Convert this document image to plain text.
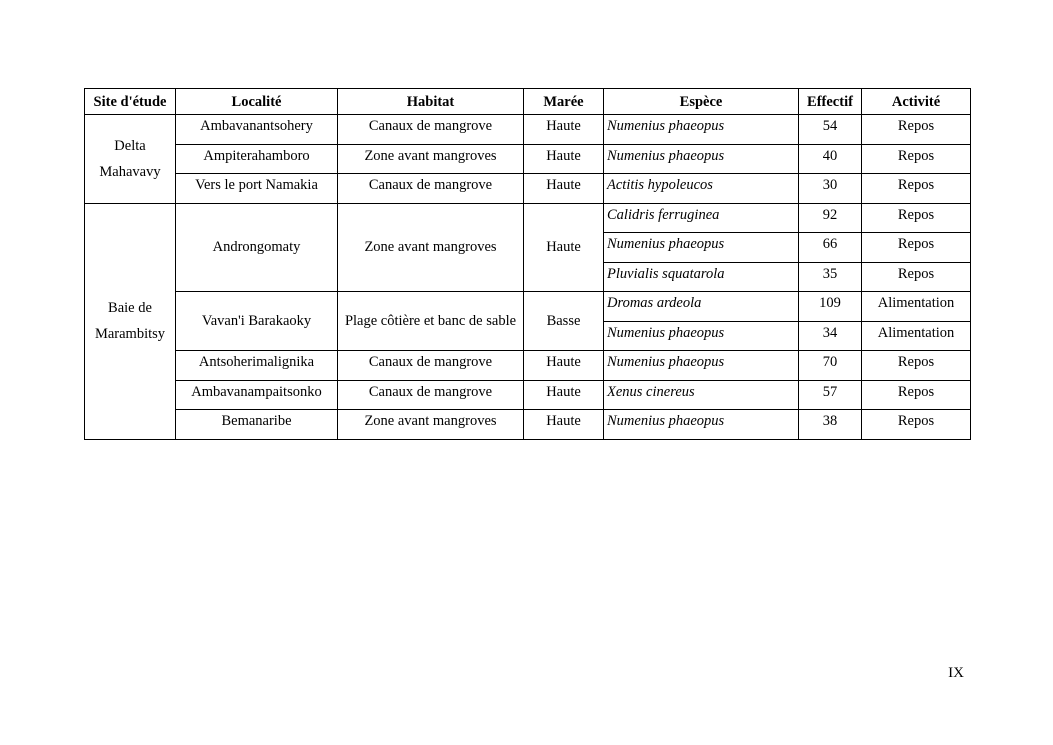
Site d'étude	Localité	Habitat	Marée	Espèce	Effectif	Activité

Delta Mahavavy	Ambavanantsohery	Canaux de mangrove	Haute	Numenius phaeopus	54	Repos
	Ampiterahamboro	Zone avant mangroves	Haute	Numenius phaeopus	40	Repos
	Vers le port Namakia	Canaux de mangrove	Haute	Actitis hypoleucos	30	Repos

Baie de Marambitsy	Androngomaty	Zone avant mangroves	Haute	Calidris ferruginea	92	Repos
				Numenius phaeopus	66	Repos
				Pluvialis squatarola	35	Repos
	Vavan'i Barakaoky	Plage côtière et banc de sable	Basse	Dromas ardeola	109	Alimentation
				Numenius phaeopus	34	Alimentation
	Antsoherimalignika	Canaux de mangrove	Haute	Numenius phaeopus	70	Repos
	Ambavanampaitsonko	Canaux de mangrove	Haute	Xenus cinereus	57	Repos
	Bemanaribe	Zone avant mangroves	Haute	Numenius phaeopus	38	Repos
IX
